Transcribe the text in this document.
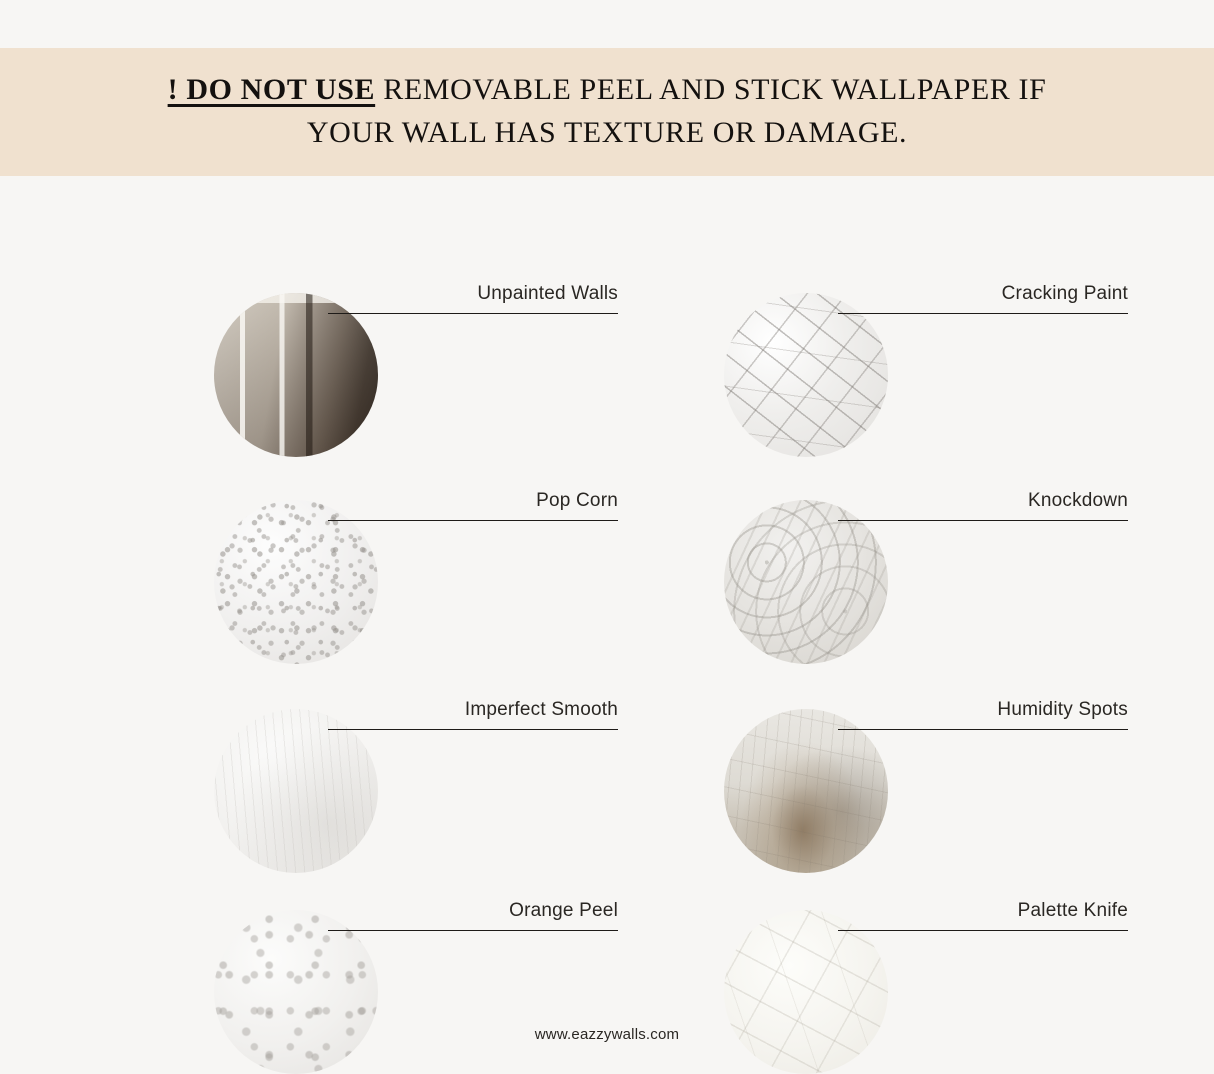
! DO NOT USE REMOVABLE PEEL AND STICK WALLPAPER IF
YOUR WALL HAS TEXTURE OR DAMAGE.
Unpainted Walls	Cracking Paint
Pop Corn	Knockdown
Imperfect Smooth	Humidity Spots
Orange Peel	Palette Knife
www.eazzywalls.com
